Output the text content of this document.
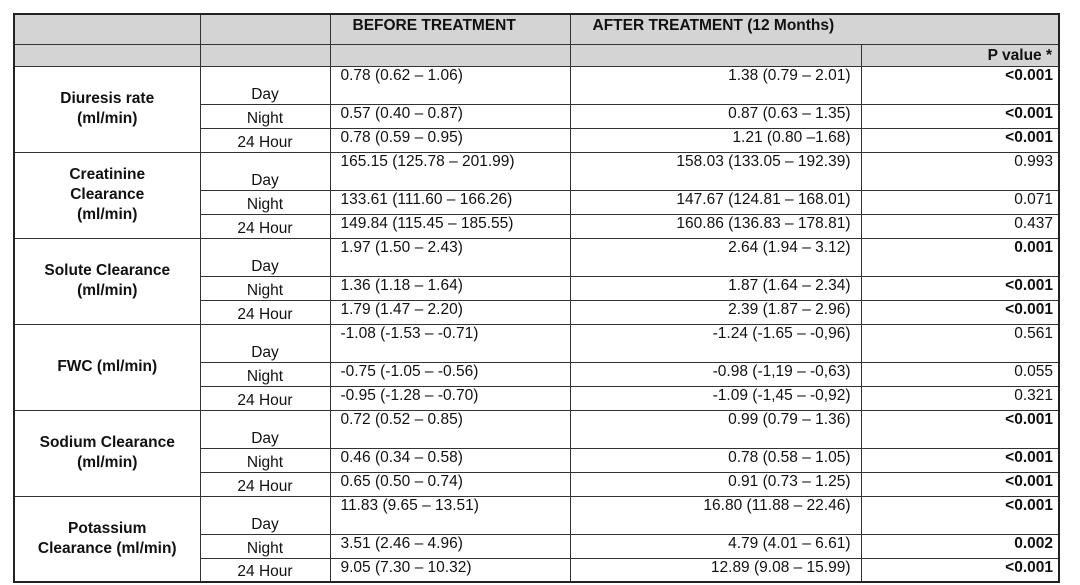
		BEFORE TREATMENT	AFTER TREATMENT (12 Months)	
				P value *

Diuresis rate
(ml/min)	Day	0.78 (0.62 – 1.06)	1.38 (0.79 – 2.01)	<0.001
	Night	0.57 (0.40 – 0.87)	0.87 (0.63 – 1.35)	<0.001
	24 Hour	0.78 (0.59 – 0.95)	1.21 (0.80 –1.68)	<0.001

Creatinine
Clearance
(ml/min)	Day	165.15 (125.78 – 201.99)	158.03 (133.05 – 192.39)	0.993
	Night	133.61 (111.60 – 166.26)	147.67 (124.81 – 168.01)	0.071
	24 Hour	149.84 (115.45 – 185.55)	160.86 (136.83 – 178.81)	0.437

Solute Clearance
(ml/min)	Day	1.97 (1.50 – 2.43)	2.64 (1.94 – 3.12)	0.001
	Night	1.36 (1.18 – 1.64)	1.87 (1.64 – 2.34)	<0.001
	24 Hour	1.79 (1.47 – 2.20)	2.39 (1.87 – 2.96)	<0.001

FWC (ml/min)	Day	-1.08 (-1.53 – -0.71)	-1.24 (-1.65 – -0,96)	0.561
	Night	-0.75 (-1.05 – -0.56)	-0.98 (-1,19 – -0,63)	0.055
	24 Hour	-0.95 (-1.28 – -0.70)	-1.09 (-1,45 – -0,92)	0.321

Sodium Clearance
(ml/min)	Day	0.72 (0.52 – 0.85)	0.99 (0.79 – 1.36)	<0.001
	Night	0.46 (0.34 – 0.58)	0.78 (0.58 – 1.05)	<0.001
	24 Hour	0.65 (0.50 – 0.74)	0.91 (0.73 – 1.25)	<0.001

Potassium
Clearance (ml/min)	Day	11.83 (9.65 – 13.51)	16.80 (11.88 – 22.46)	<0.001
	Night	3.51 (2.46 – 4.96)	4.79 (4.01 – 6.61)	0.002
	24 Hour	9.05 (7.30 – 10.32)	12.89 (9.08 – 15.99)	<0.001
